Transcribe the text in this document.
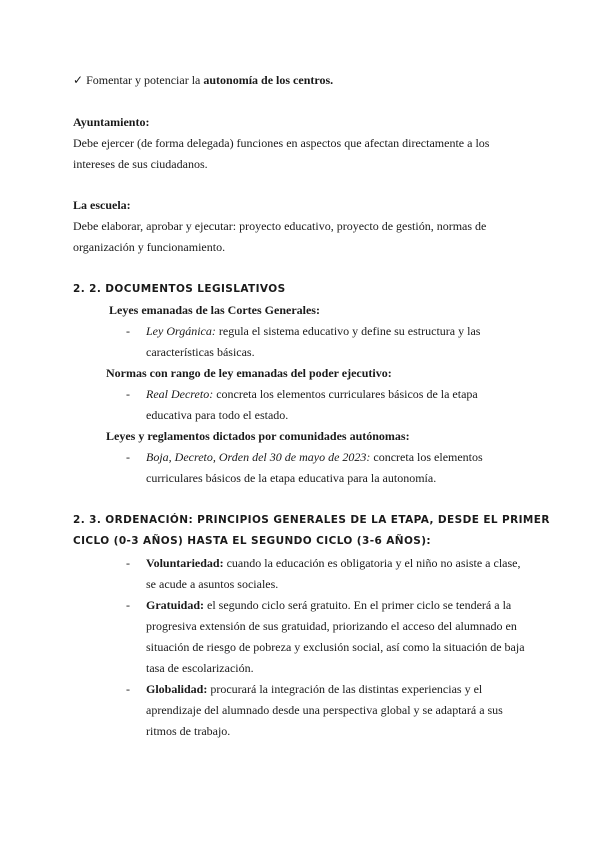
✓ Fomentar y potenciar la autonomía de los centros.
Ayuntamiento:
Debe ejercer (de forma delegada) funciones en aspectos que afectan directamente a los
intereses de sus ciudadanos.
La escuela:
Debe elaborar, aprobar y ejecutar: proyecto educativo, proyecto de gestión, normas de
organización y funcionamiento.
2. 2. DOCUMENTOS LEGISLATIVOS
Leyes emanadas de las Cortes Generales:
- Ley Orgánica: regula el sistema educativo y define su estructura y las
características básicas.
Normas con rango de ley emanadas del poder ejecutivo:
- Real Decreto: concreta los elementos curriculares básicos de la etapa
educativa para todo el estado.
Leyes y reglamentos dictados por comunidades autónomas:
- Boja, Decreto, Orden del 30 de mayo de 2023: concreta los elementos
curriculares básicos de la etapa educativa para la autonomía.
2. 3. ORDENACIÓN: PRINCIPIOS GENERALES DE LA ETAPA, DESDE EL PRIMER
CICLO (0-3 AÑOS) HASTA EL SEGUNDO CICLO (3-6 AÑOS):
- Voluntariedad: cuando la educación es obligatoria y el niño no asiste a clase,
se acude a asuntos sociales.
- Gratuidad: el segundo ciclo será gratuito. En el primer ciclo se tenderá a la
progresiva extensión de sus gratuidad, priorizando el acceso del alumnado en
situación de riesgo de pobreza y exclusión social, así como la situación de baja
tasa de escolarización.
- Globalidad: procurará la integración de las distintas experiencias y el
aprendizaje del alumnado desde una perspectiva global y se adaptará a sus
ritmos de trabajo.
